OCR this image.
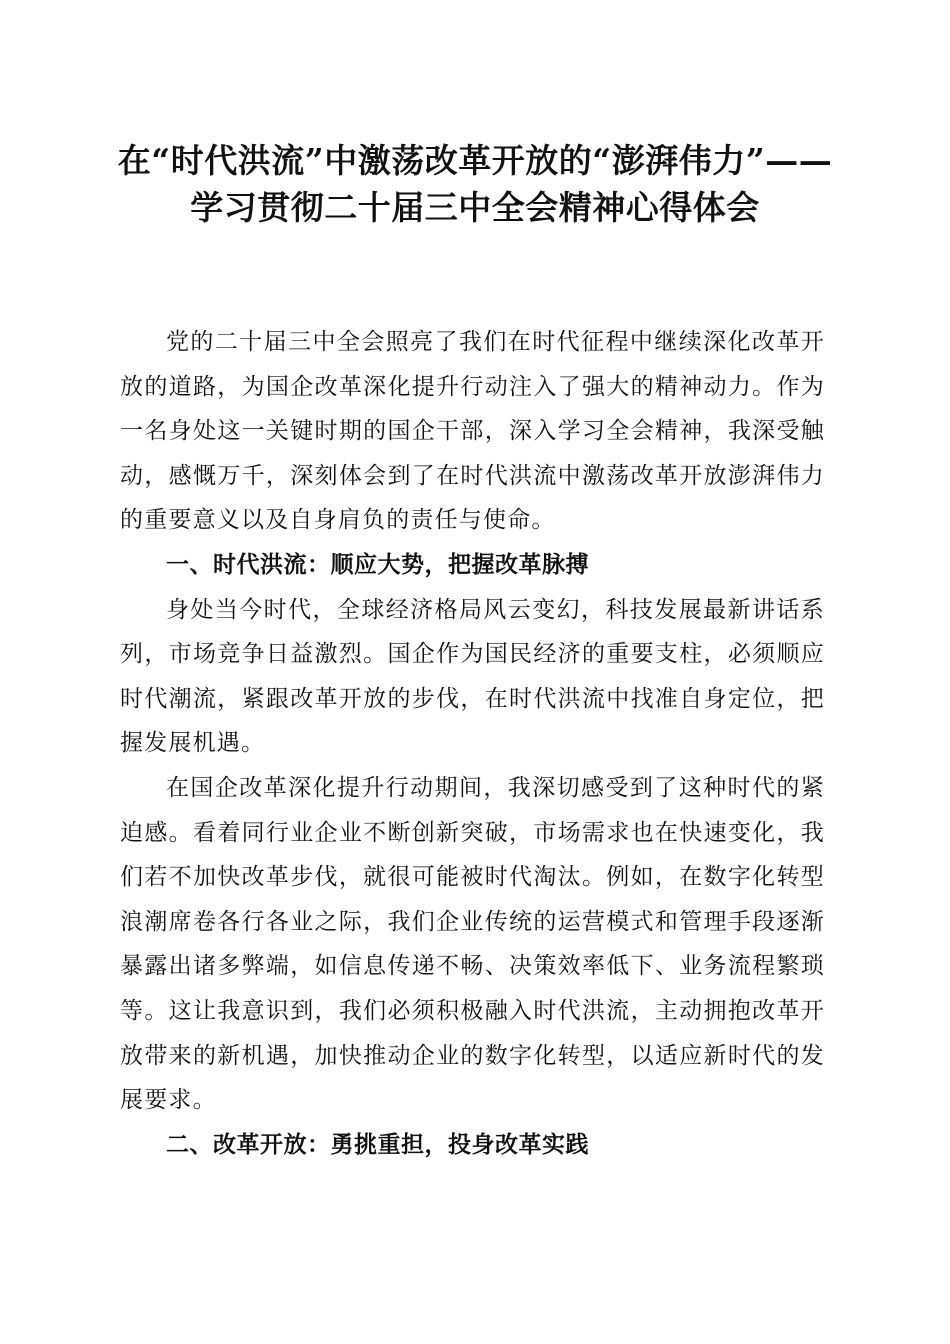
在“时代洪流”中激荡改革开放的“澎湃伟力”——学习贯彻二十届三中全会精神心得体会

党的二十届三中全会照亮了我们在时代征程中继续深化改革开放的道路，为国企改革深化提升行动注入了强大的精神动力。作为一名身处这一关键时期的国企干部，深入学习全会精神，我深受触动，感慨万千，深刻体会到了在时代洪流中激荡改革开放澎湃伟力的重要意义以及自身肩负的责任与使命。

一、时代洪流：顺应大势，把握改革脉搏

身处当今时代，全球经济格局风云变幻，科技发展最新讲话系列，市场竞争日益激烈。国企作为国民经济的重要支柱，必须顺应时代潮流，紧跟改革开放的步伐，在时代洪流中找准自身定位，把握发展机遇。

在国企改革深化提升行动期间，我深切感受到了这种时代的紧迫感。看着同行业企业不断创新突破，市场需求也在快速变化，我们若不加快改革步伐，就很可能被时代淘汰。例如，在数字化转型浪潮席卷各行各业之际，我们企业传统的运营模式和管理手段逐渐暴露出诸多弊端，如信息传递不畅、决策效率低下、业务流程繁琐等。这让我意识到，我们必须积极融入时代洪流，主动拥抱改革开放带来的新机遇，加快推动企业的数字化转型，以适应新时代的发展要求。

二、改革开放：勇挑重担，投身改革实践
